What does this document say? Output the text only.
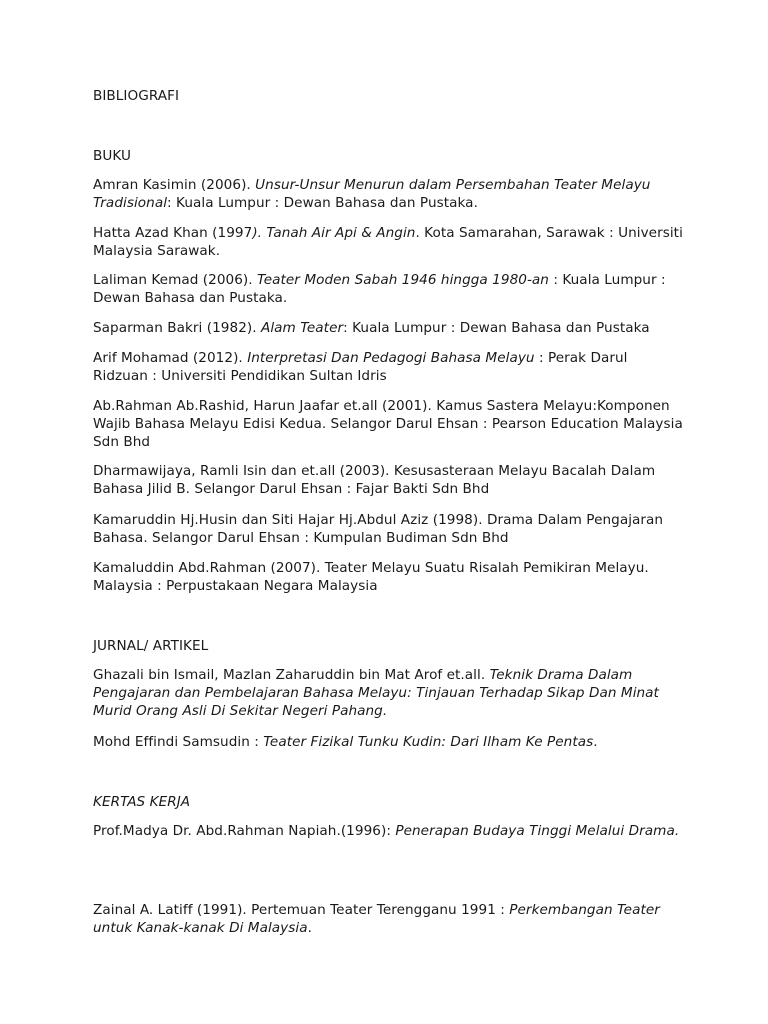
BIBLIOGRAFI

BUKU

Amran Kasimin (2006). Unsur-Unsur Menurun dalam Persembahan Teater Melayu Tradisional: Kuala Lumpur : Dewan Bahasa dan Pustaka.

Hatta Azad Khan (1997). Tanah Air Api & Angin. Kota Samarahan, Sarawak : Universiti Malaysia Sarawak.

Laliman Kemad (2006). Teater Moden Sabah 1946 hingga 1980-an : Kuala Lumpur : Dewan Bahasa dan Pustaka.

Saparman Bakri (1982). Alam Teater: Kuala Lumpur : Dewan Bahasa dan Pustaka

Arif Mohamad (2012). Interpretasi Dan Pedagogi Bahasa Melayu : Perak Darul Ridzuan : Universiti Pendidikan Sultan Idris

Ab.Rahman Ab.Rashid, Harun Jaafar et.all (2001). Kamus Sastera Melayu:Komponen Wajib Bahasa Melayu Edisi Kedua. Selangor Darul Ehsan : Pearson Education Malaysia Sdn Bhd

Dharmawijaya, Ramli Isin dan et.all (2003). Kesusasteraan Melayu Bacalah Dalam Bahasa Jilid B. Selangor Darul Ehsan : Fajar Bakti Sdn Bhd

Kamaruddin Hj.Husin dan Siti Hajar Hj.Abdul Aziz (1998). Drama Dalam Pengajaran Bahasa. Selangor Darul Ehsan : Kumpulan Budiman Sdn Bhd

Kamaluddin Abd.Rahman (2007). Teater Melayu Suatu Risalah Pemikiran Melayu. Malaysia : Perpustakaan Negara Malaysia

JURNAL/ ARTIKEL

Ghazali bin Ismail, Mazlan Zaharuddin bin Mat Arof et.all. Teknik Drama Dalam Pengajaran dan Pembelajaran Bahasa Melayu: Tinjauan Terhadap Sikap Dan Minat Murid Orang Asli Di Sekitar Negeri Pahang.

Mohd Effindi Samsudin : Teater Fizikal Tunku Kudin: Dari Ilham Ke Pentas.

KERTAS KERJA

Prof.Madya Dr. Abd.Rahman Napiah.(1996): Penerapan Budaya Tinggi Melalui Drama.

Zainal A. Latiff (1991). Pertemuan Teater Terengganu 1991 : Perkembangan Teater untuk Kanak-kanak Di Malaysia.
